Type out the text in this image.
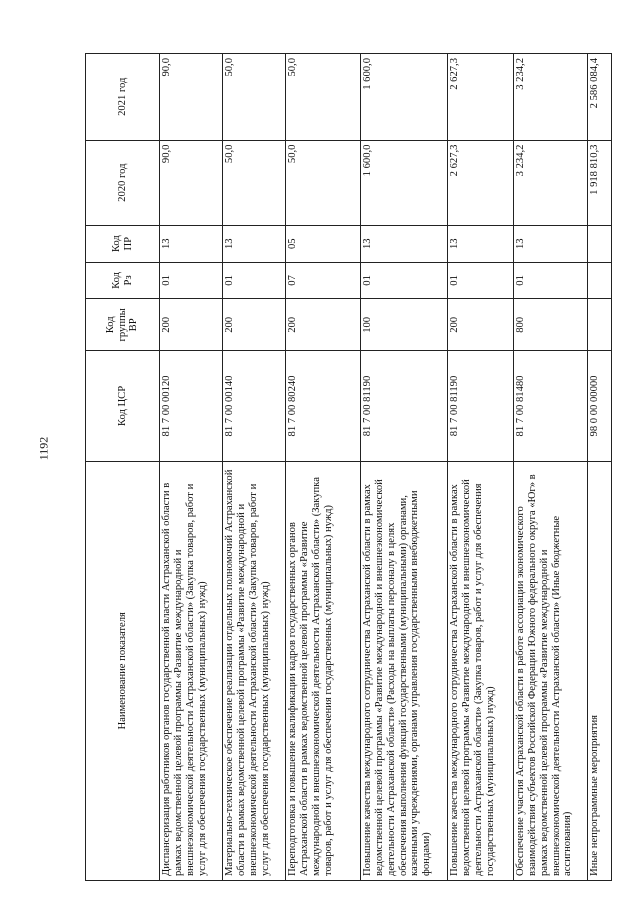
1192
Наименование показателя	Код ЦСР	Код группы ВР	Код Рз	Код ПР	2020 год	2021 год
Диспансеризация работников органов государственной власти Астраханской области в рамках ведомственной целевой программы «Развитие международной и внешнеэкономической деятельности Астраханской области» (Закупка товаров, работ и услуг для обеспечения государственных (муниципальных) нужд)	81 7 00 00120	200	01	13	90,0	90,0
Материально-техническое обеспечение реализации отдельных полномочий Астраханской области в рамках ведомственной целевой программы «Развитие международной и внешнеэкономической деятельности Астраханской области» (Закупка товаров, работ и услуг для обеспечения государственных (муниципальных) нужд)	81 7 00 00140	200	01	13	50,0	50,0
Переподготовка и повышение квалификации кадров государственных органов Астраханской области в рамках ведомственной целевой программы «Развитие международной и внешнеэкономической деятельности Астраханской области» (Закупка товаров, работ и услуг для обеспечения государственных (муниципальных) нужд)	81 7 00 80240	200	07	05	50,0	50,0
Повышение качества международного сотрудничества Астраханской области в рамках ведомственной целевой программы «Развитие международной и внешнеэкономической деятельности Астраханской области» (Расходы на выплаты персоналу в целях обеспечения выполнения функций государственными (муниципальными) органами, казенными учреждениями, органами управления государственными внебюджетными фондами)	81 7 00 81190	100	01	13	1 600,0	1 600,0
Повышение качества международного сотрудничества Астраханской области в рамках ведомственной целевой программы «Развитие международной и внешнеэкономической деятельности Астраханской области» (Закупка товаров, работ и услуг для обеспечения государственных (муниципальных) нужд)	81 7 00 81190	200	01	13	2 627,3	2 627,3
Обеспечение участия Астраханской области в работе ассоциации экономического взаимодействия субъектов Российской Федерации Южного федерального округа «Юг» в рамках ведомственной целевой программы «Развитие международной и внешнеэкономической деятельности Астраханской области» (Иные бюджетные ассигнования)	81 7 00 81480	800	01	13	3 234,2	3 234,2
Иные непрограммные мероприятия	98 0 00 00000				1 918 810,3	2 586 084,4
